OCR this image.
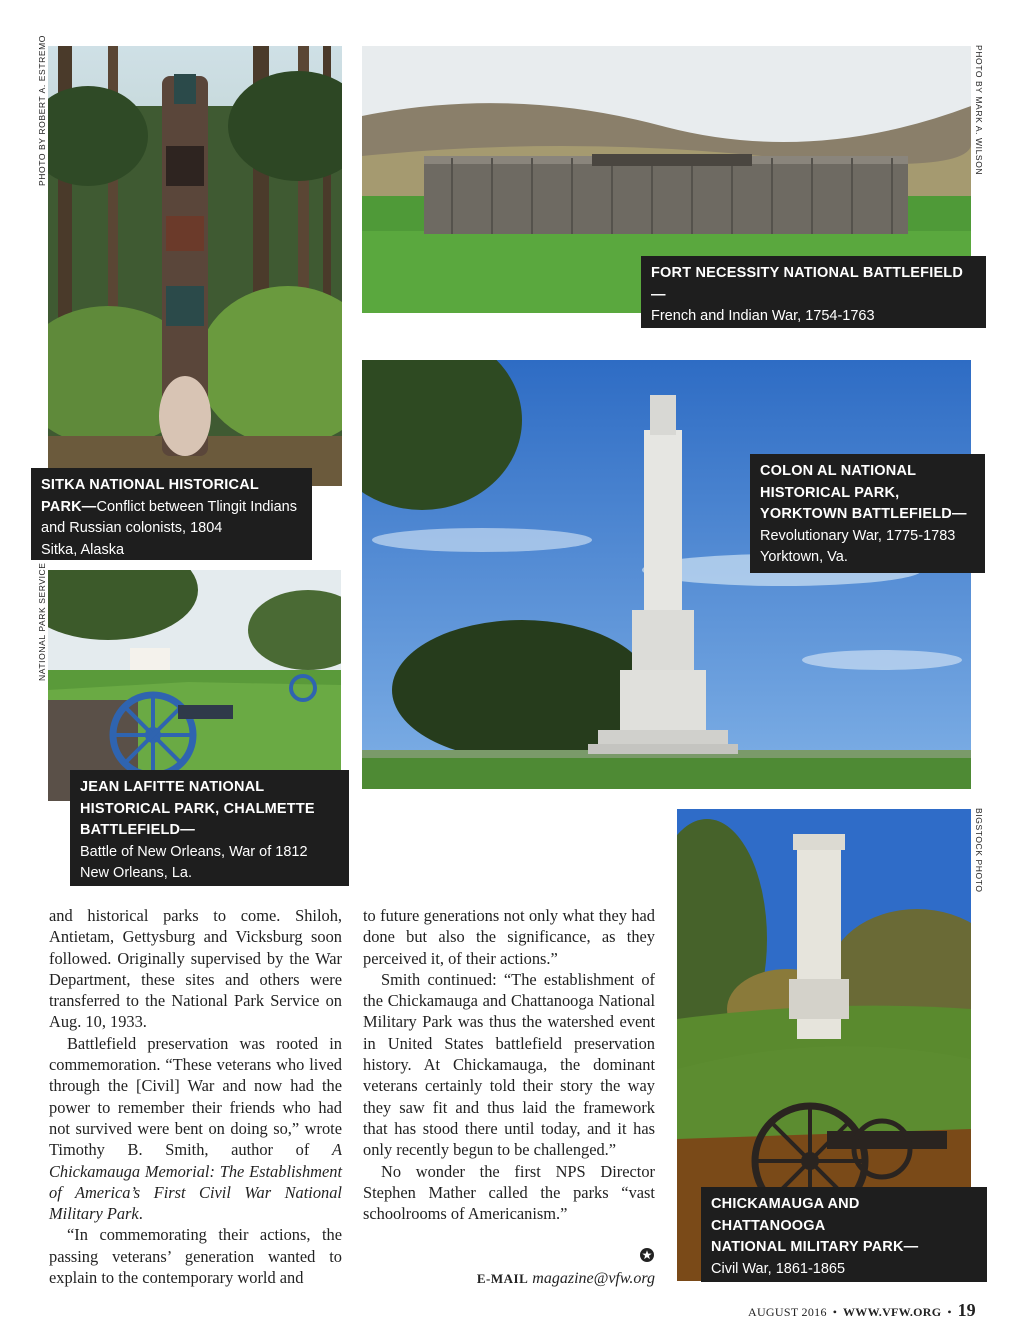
PHOTO BY ROBERT A. ESTREMO	PHOTO BY MARK A. WILSON
NATIONAL PARK SERVICE
BIGSTOCK PHOTO
FORT NECESSITY NATIONAL BATTLEFIELD—
French and Indian War, 1754-1763
Farmington, Pa.
SITKA NATIONAL HISTORICAL
PARK—Conflict between Tlingit Indians
and Russian colonists, 1804
Sitka, Alaska
COLON AL NATIONAL
HISTORICAL PARK,
YORKTOWN BATTLEFIELD—
Revolutionary War, 1775-1783
Yorktown, Va.
JEAN LAFITTE NATIONAL
HISTORICAL PARK, CHALMETTE
BATTLEFIELD—
Battle of New Orleans, War of 1812
New Orleans, La.
CHICKAMAUGA AND CHATTANOOGA
NATIONAL MILITARY PARK—
Civil War, 1861-1865
Oglethorpe, Ga.

and historical parks to come. Shiloh, Antietam, Gettysburg and Vicksburg soon followed. Originally supervised by the War Department, these sites and others were transferred to the National Park Service on Aug. 10, 1933.

Battlefield preservation was rooted in commemoration. “These veterans who lived through the [Civil] War and now had the power to remember their friends who had not survived were bent on doing so,” wrote Timothy B. Smith, author of A Chickamauga Memorial: The Establishment of America’s First Civil War National Military Park.

“In commemorating their actions, the passing veterans’ generation wanted to explain to the contemporary world and

to future generations not only what they had done but also the significance, as they perceived it, of their actions.”

Smith continued: “The establishment of the Chickamauga and Chattanooga National Military Park was thus the watershed event in United States battlefield preservation history. At Chickamauga, the dominant veterans certainly told their story the way they saw fit and thus laid the framework that has stood there until today, and it has only recently begun to be challenged.”

No wonder the first NPS Director Stephen Mather called the parks “vast schoolrooms of Americanism.”

E-MAIL magazine@vfw.org
AUGUST 2016 • WWW.VFW.ORG • 19
